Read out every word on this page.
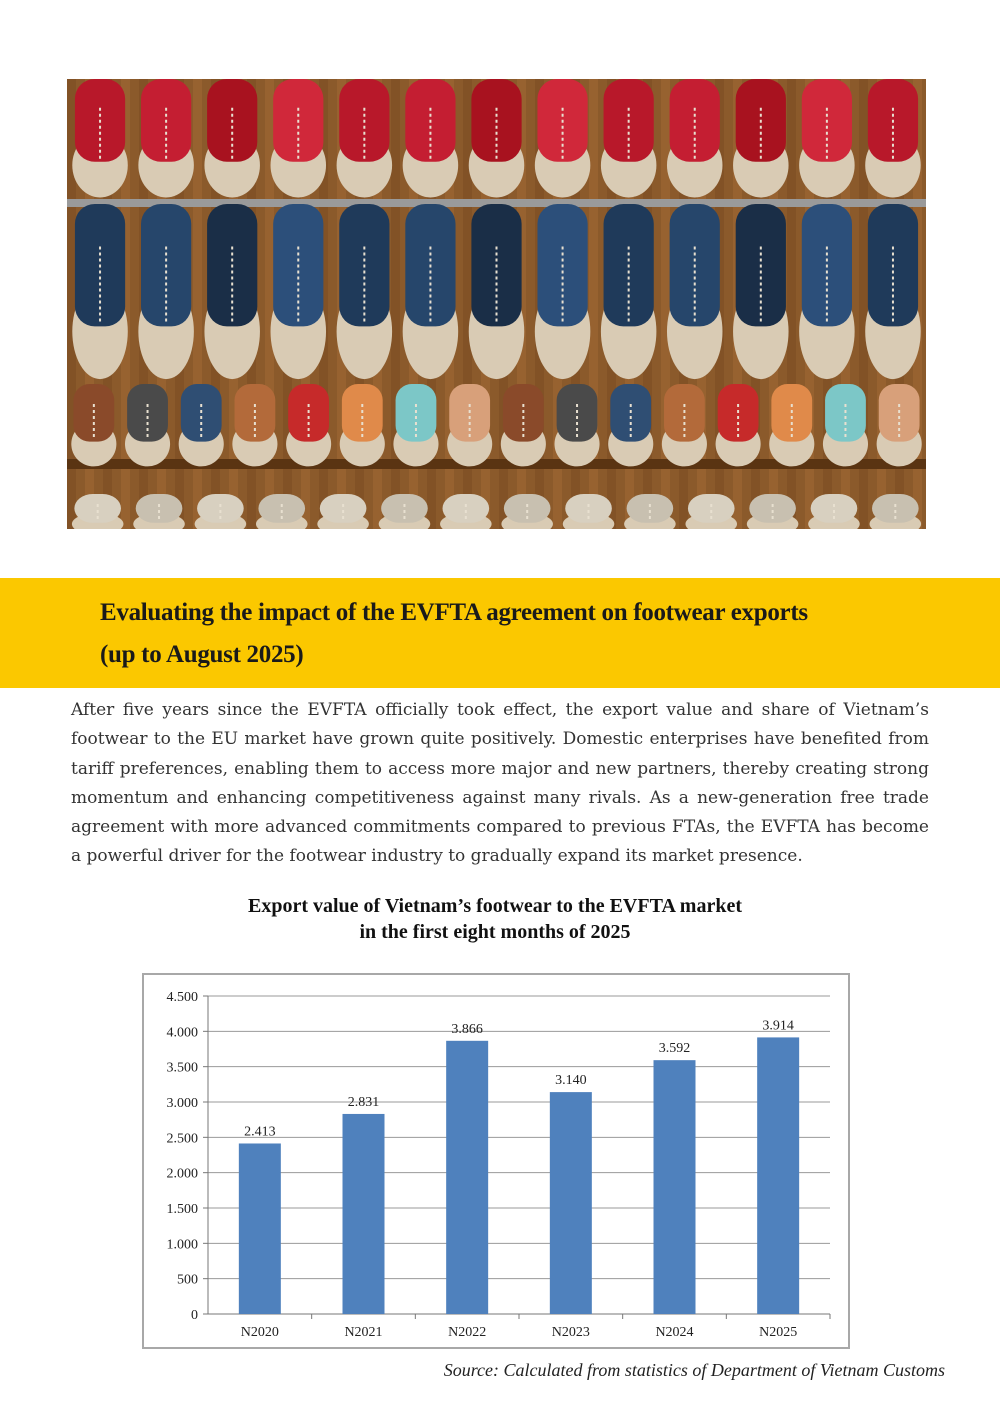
Evaluating the impact of the EVFTA agreement on footwear exports
(up to August 2025)
After five years since the EVFTA officially took effect, the export value and share of Vietnam’s footwear to the EU market have grown quite positively. Domestic enterprises have benefited from tariff preferences, enabling them to access more major and new partners, thereby creating strong momentum and enhancing competitiveness against many rivals. As a new-generation free trade agreement with more advanced commitments compared to previous FTAs, the EVFTA has become a powerful driver for the footwear industry to gradually expand its market presence.
Export value of Vietnam’s footwear to the EVFTA market
in the first eight months of 2025
0
500
1.000
1.500
2.000
2.500
3.000
3.500
4.000
4.500
2.413
2.831
3.866
3.140
3.592
3.914
N2020	N2021	N2022	N2023	N2024	N2025
Source: Calculated from statistics of Department of Vietnam Customs
